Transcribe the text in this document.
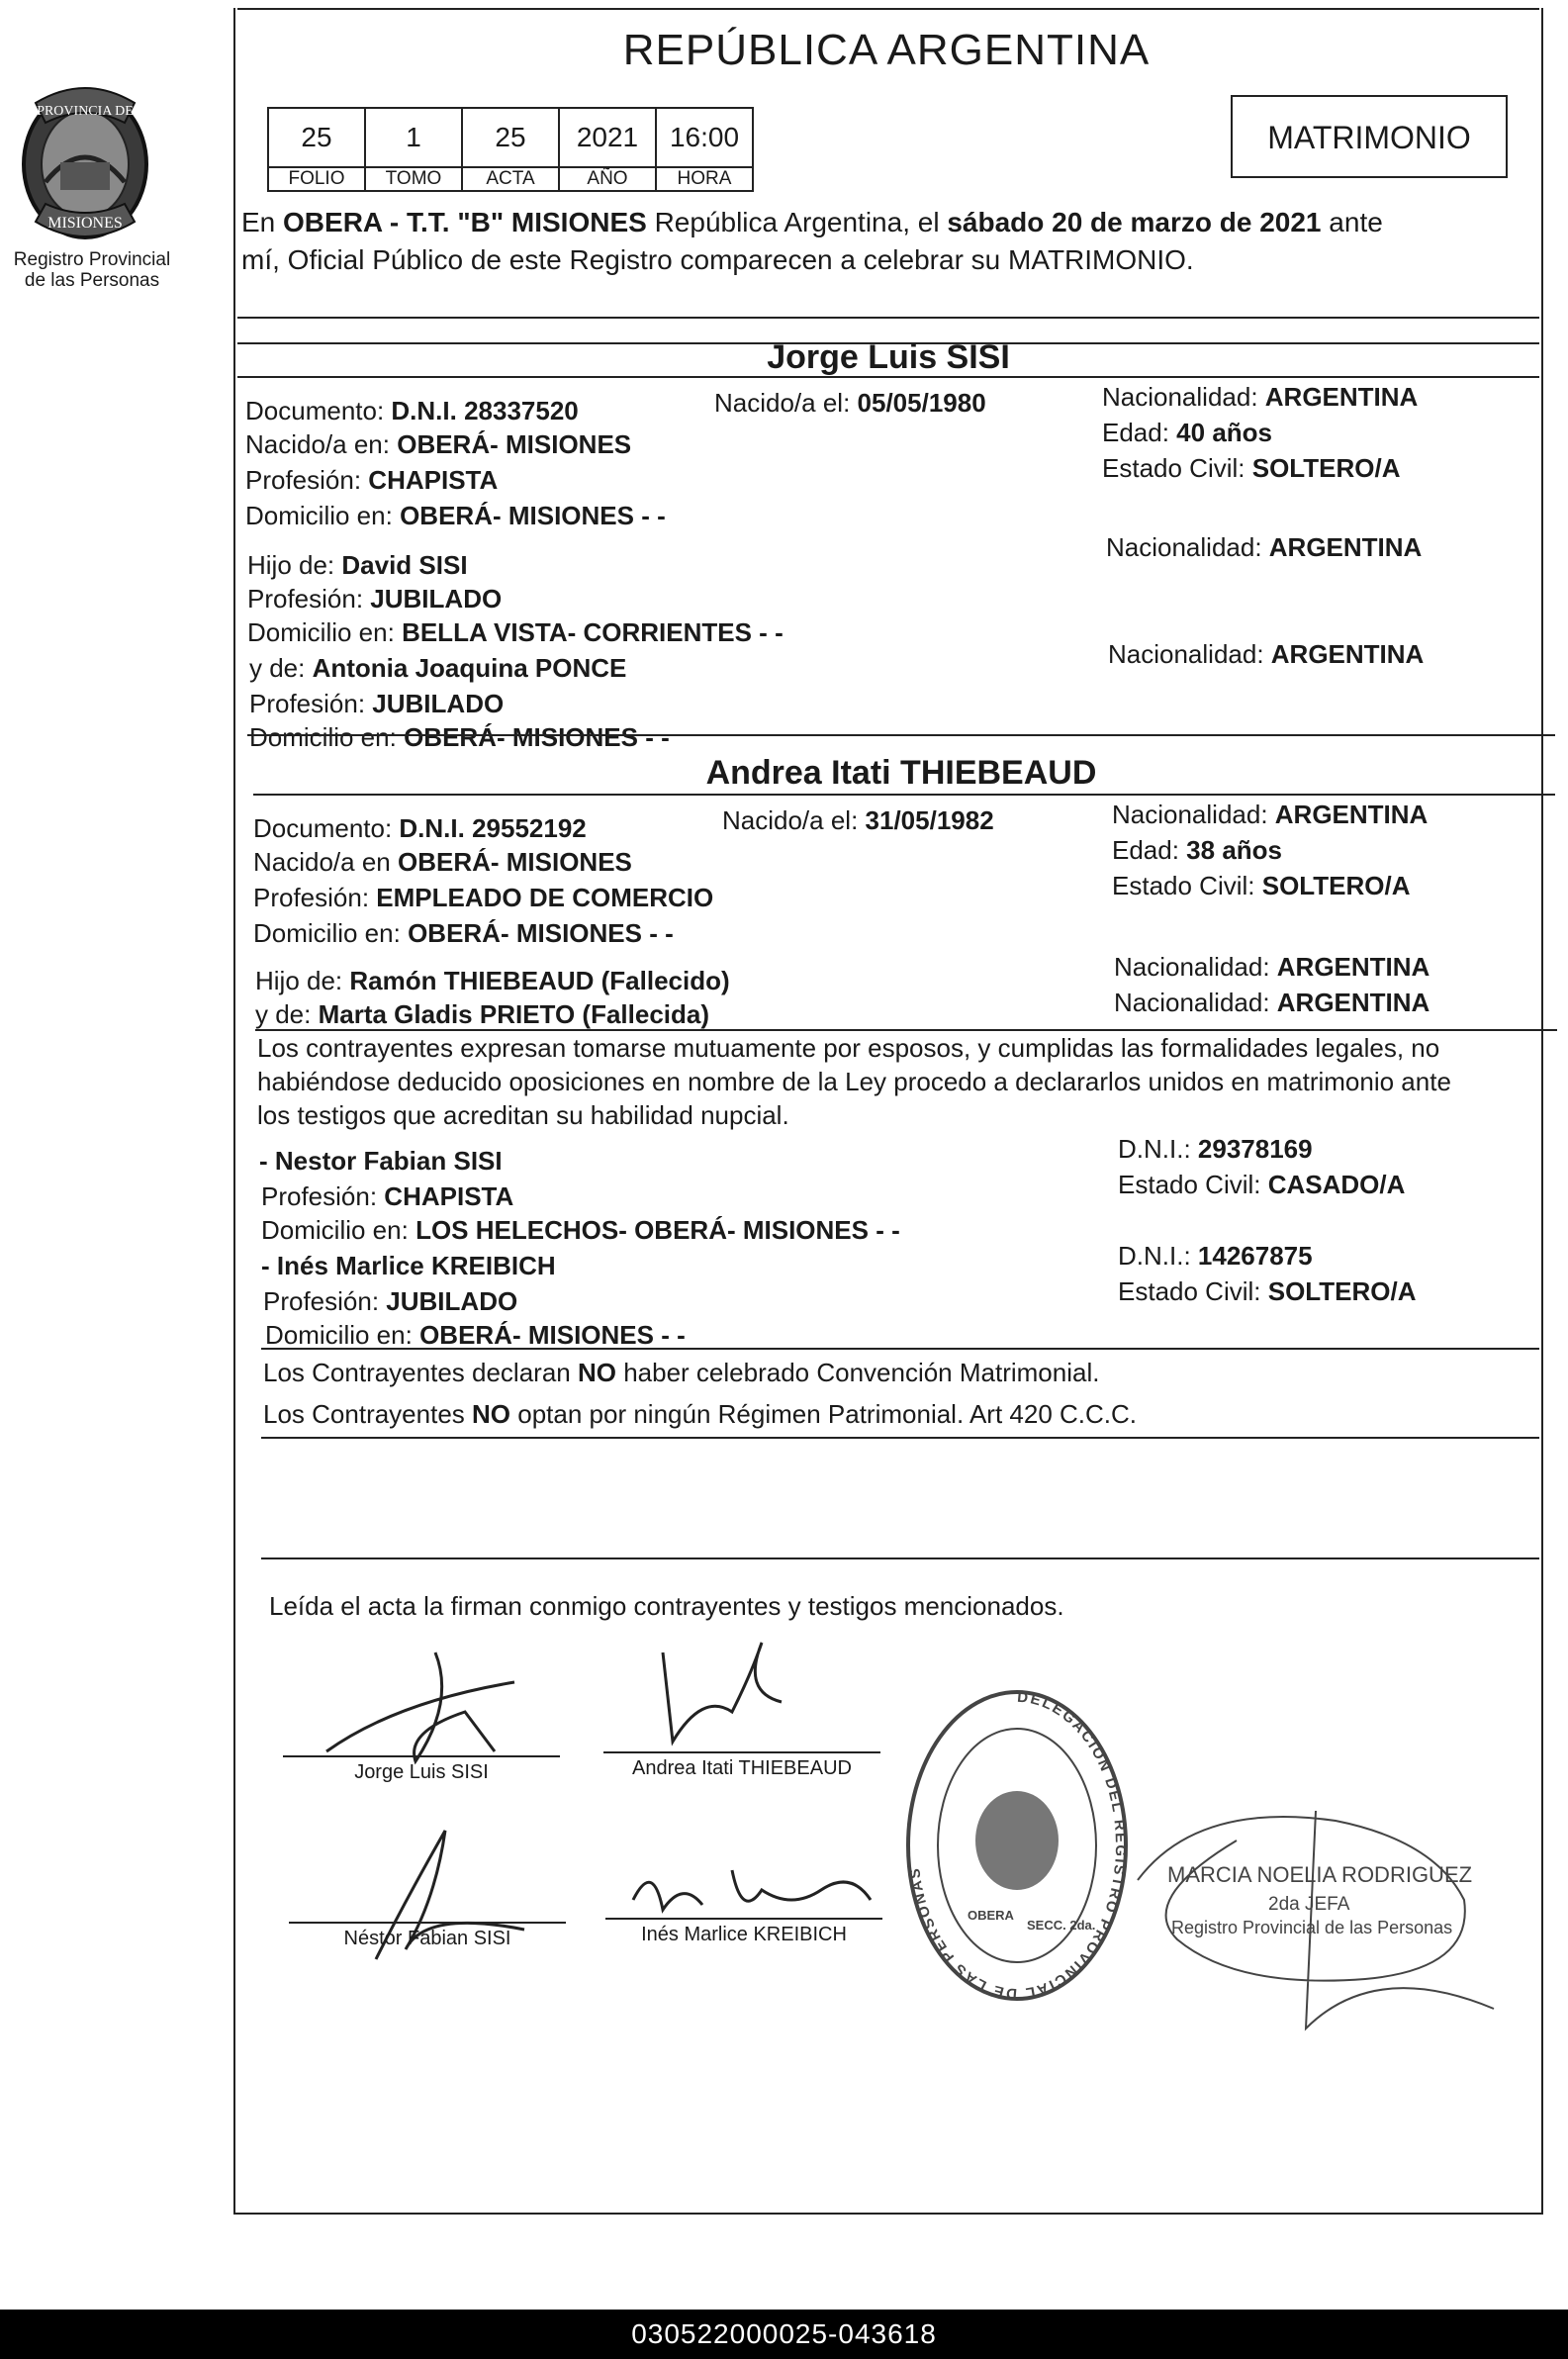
PROVINCIA DE
MISIONES
Registro Provincial
de las Personas
REPÚBLICA ARGENTINA
25	1	25	2021	16:00
FOLIO	TOMO	ACTA	AÑO	HORA
MATRIMONIO
En OBERA - T.T. "B" MISIONES República Argentina, el sábado 20 de marzo de 2021 ante
mí, Oficial Público de este Registro comparecen a celebrar su MATRIMONIO.
Jorge Luis SISI
Documento: D.N.I. 28337520	Nacido/a el: 05/05/1980	Nacionalidad: ARGENTINA
Nacido/a en: OBERÁ- MISIONES	Edad: 40 años
Profesión: CHAPISTA	Estado Civil: SOLTERO/A
Domicilio en: OBERÁ- MISIONES - -
Hijo de: David SISI
Nacionalidad: ARGENTINA
Profesión: JUBILADO
Domicilio en: BELLA VISTA- CORRIENTES - -
y de: Antonia Joaquina PONCE	Nacionalidad: ARGENTINA
Profesión: JUBILADO
Domicilio en: OBERÁ- MISIONES - -
Andrea Itati THIEBEAUD
Documento: D.N.I. 29552192	Nacido/a el: 31/05/1982	Nacionalidad: ARGENTINA
Nacido/a en OBERÁ- MISIONES	Edad: 38 años
Profesión: EMPLEADO DE COMERCIO	Estado Civil: SOLTERO/A
Domicilio en: OBERÁ- MISIONES - -
Hijo de: Ramón THIEBEAUD (Fallecido)	Nacionalidad: ARGENTINA
y de: Marta Gladis PRIETO (Fallecida)	Nacionalidad: ARGENTINA
Los contrayentes expresan tomarse mutuamente por esposos, y cumplidas las formalidades legales, no
habiéndose deducido oposiciones en nombre de la Ley procedo a declararlos unidos en matrimonio ante
los testigos que acreditan su habilidad nupcial.
- Nestor Fabian SISI	D.N.I.: 29378169
Profesión: CHAPISTA	Estado Civil: CASADO/A
Domicilio en: LOS HELECHOS- OBERÁ- MISIONES - -
- Inés Marlice KREIBICH	D.N.I.: 14267875
Profesión: JUBILADO	Estado Civil: SOLTERO/A
Domicilio en: OBERÁ- MISIONES - -
Los Contrayentes declaran NO haber celebrado Convención Matrimonial.
Los Contrayentes NO optan por ningún Régimen Patrimonial. Art 420 C.C.C.
Leída el acta la firman conmigo contrayentes y testigos mencionados.
Jorge Luis SISI	Andrea Itati THIEBEAUD
Néstor Fabian SISI	Inés Marlice KREIBICH
DELEGACION DEL REGISTRO PROVINCIAL DE LAS PERSONAS
OBERA
SECC. 2da.
MARCIA NOELIA RODRIGUEZ
2da JEFA
Registro Provincial de las Personas
030522000025-043618
